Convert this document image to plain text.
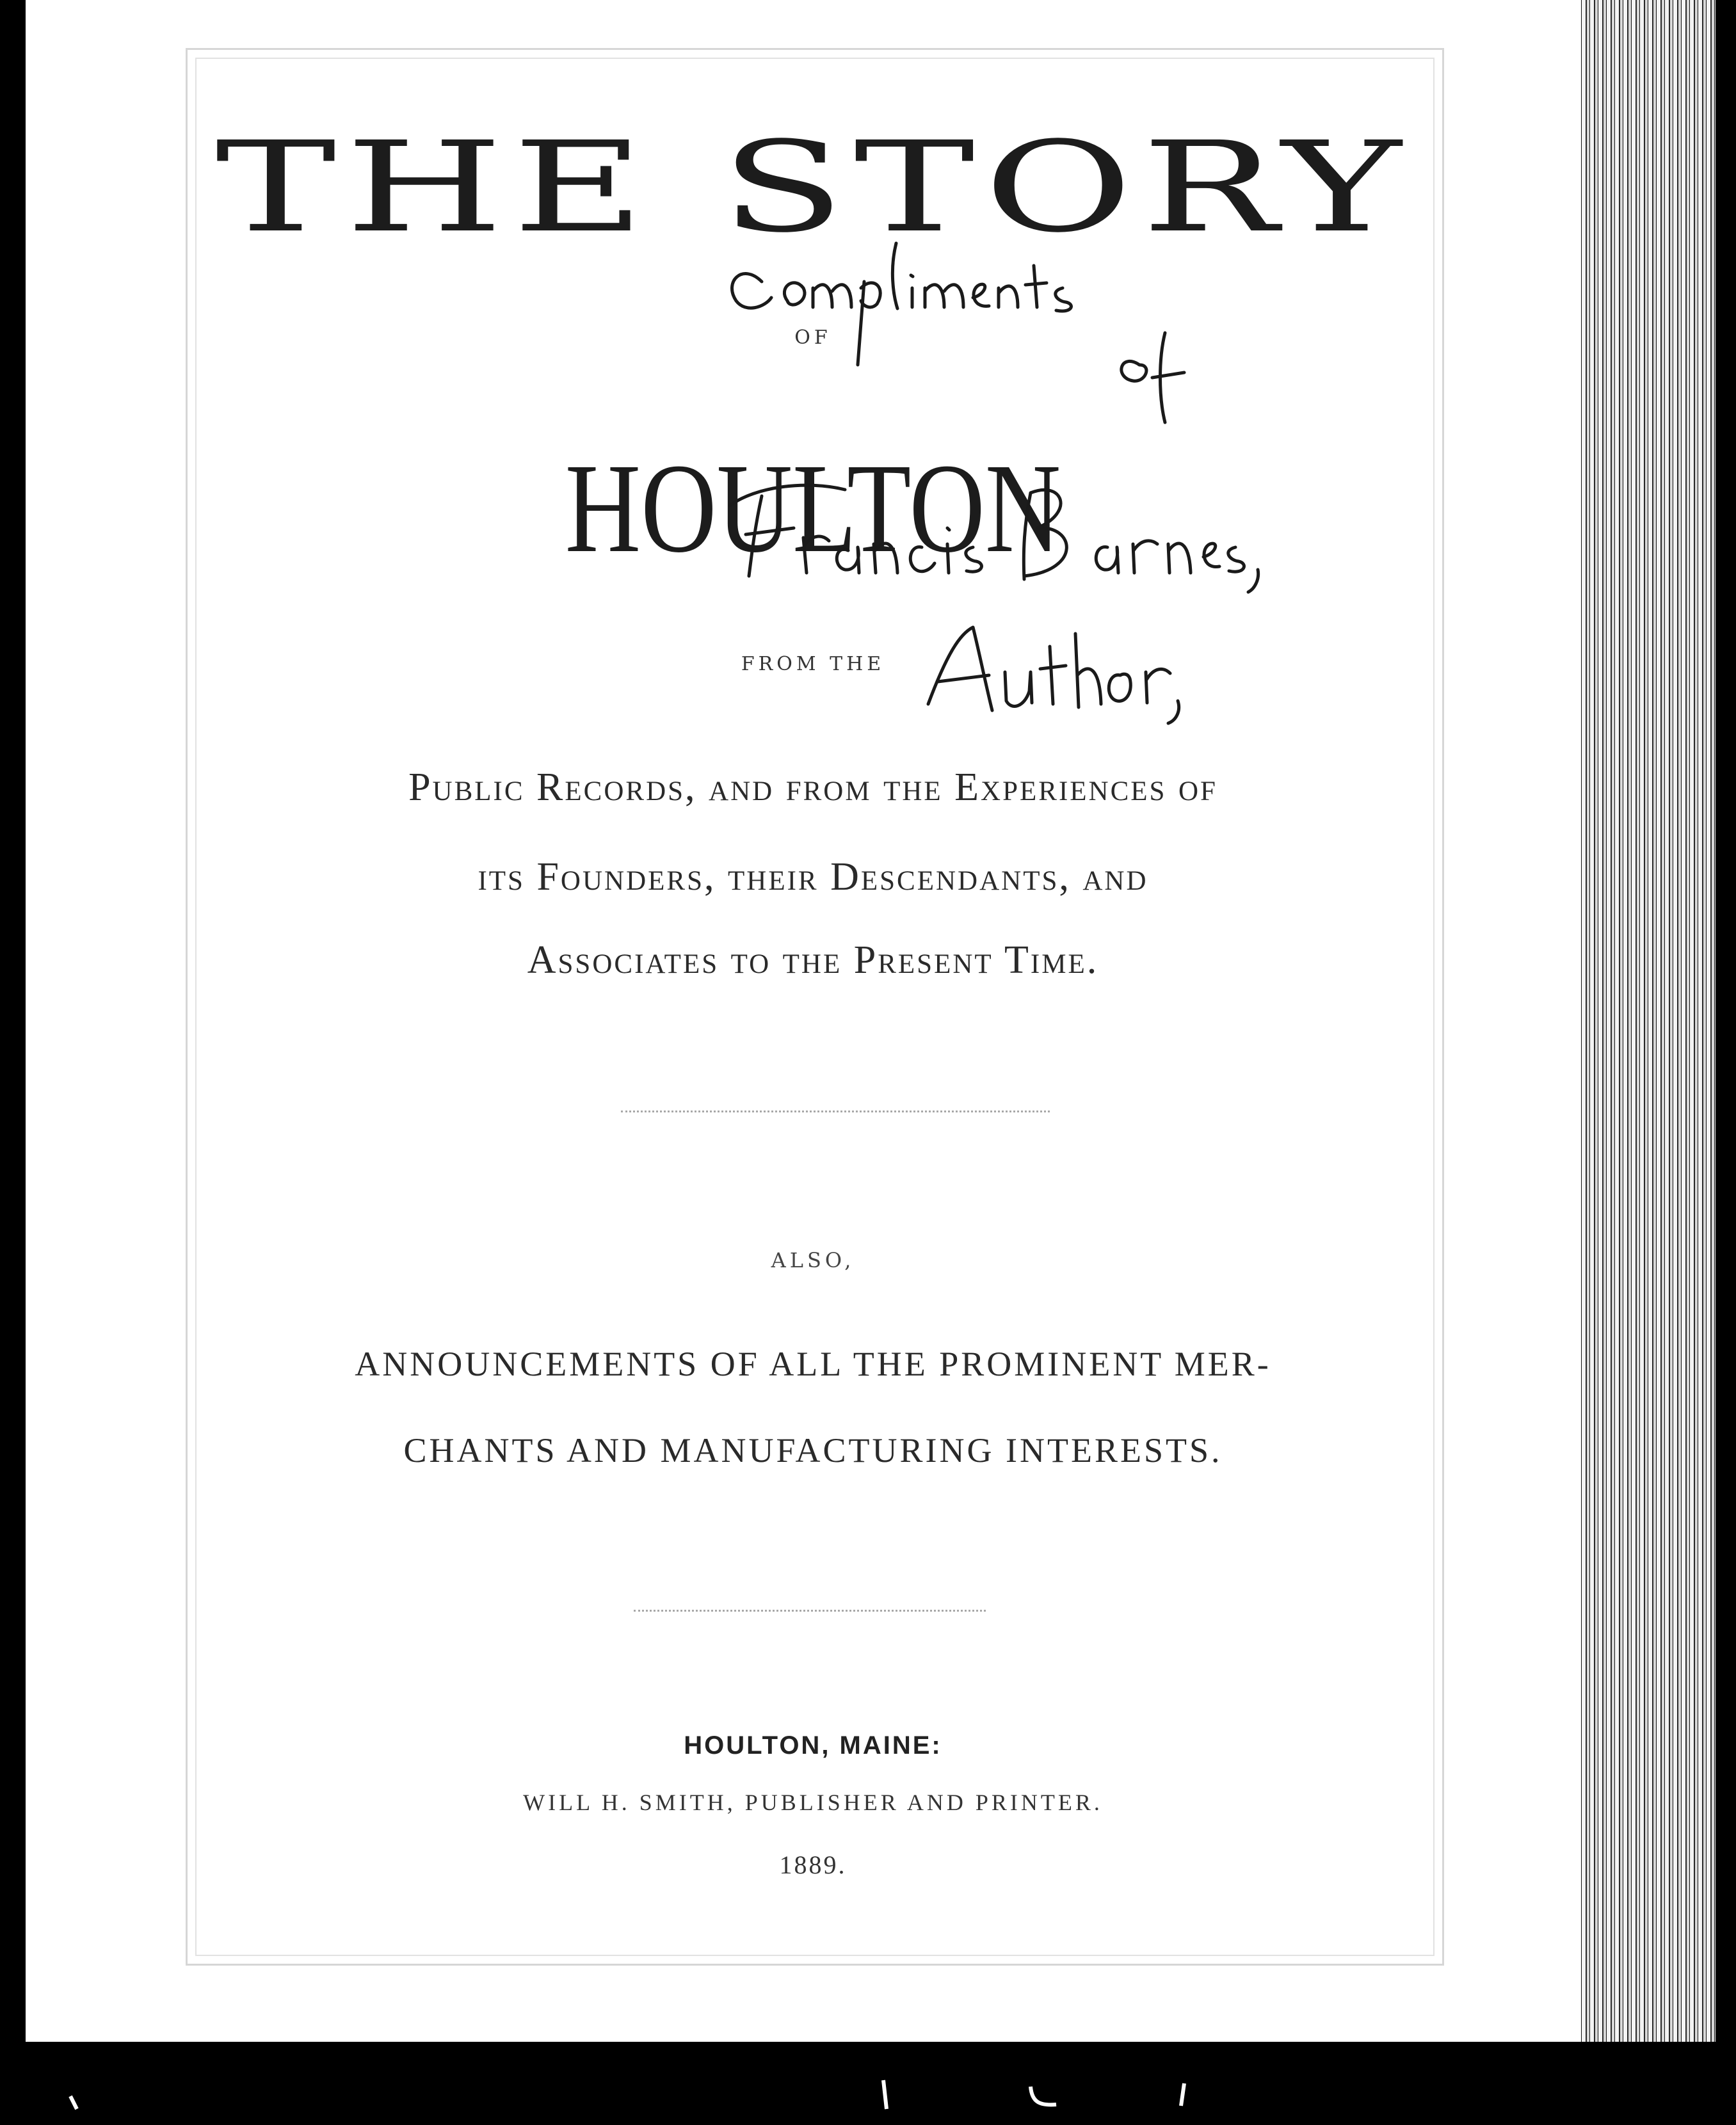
THE STORY
OF
HOULTON
FROM THE
Public Records, and from the Experiences of
its Founders, their Descendants, and
Associates to the Present Time.
ALSO,
ANNOUNCEMENTS OF ALL THE PROMINENT MER-
CHANTS AND MANUFACTURING INTERESTS.
HOULTON, MAINE:
WILL H. SMITH, PUBLISHER AND PRINTER.
1889.
